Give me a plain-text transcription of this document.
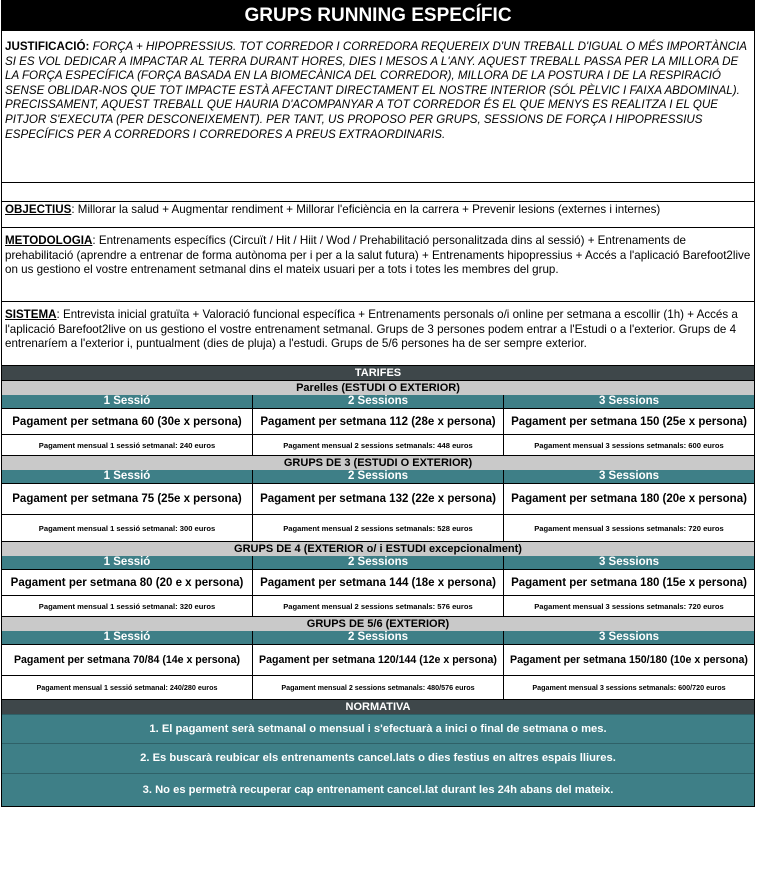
GRUPS RUNNING ESPECÍFIC
JUSTIFICACIÓ: FORÇA + HIPOPRESSIUS. TOT CORREDOR I CORREDORA REQUEREIX D'UN TREBALL D'IGUAL O MÉS IMPORTÀNCIA SI ES VOL DEDICAR A IMPACTAR AL TERRA DURANT HORES, DIES I MESOS A L'ANY. AQUEST TREBALL PASSA PER LA MILLORA DE LA FORÇA ESPECÍFICA (FORÇA BASADA EN LA BIOMECÀNICA DEL CORREDOR), MILLORA DE LA POSTURA I DE LA RESPIRACIÓ SENSE OBLIDAR-NOS QUE TOT IMPACTE ESTÀ AFECTANT DIRECTAMENT EL NOSTRE INTERIOR (SÓL PÈLVIC I FAIXA ABDOMINAL). PRECISSAMENT, AQUEST TREBALL QUE HAURIA D'ACOMPANYAR A TOT CORREDOR ÉS EL QUE MENYS ES REALITZA I EL QUE PITJOR S'EXECUTA (PER DESCONEIXEMENT). PER TANT, US PROPOSO PER GRUPS, SESSIONS DE FORÇA I HIPOPRESSIUS ESPECÍFICS PER A CORREDORS I CORREDORES A PREUS EXTRAORDINARIS.
OBJECTIUS: Millorar la salud + Augmentar rendiment + Millorar l'eficiència en la carrera + Prevenir lesions (externes i internes)
METODOLOGIA: Entrenaments específics (Circuït / Hit / Hiit / Wod / Prehabilitació personalitzada dins al sessió) + Entrenaments de prehabilitació (aprendre a entrenar de forma autònoma per i per a la salut futura) + Entrenaments hipopressius + Accés a l'aplicació Barefoot2live on us gestiono el vostre entrenament setmanal dins el mateix usuari per a tots i totes les membres del grup.
SISTEMA: Entrevista inicial gratuïta + Valoració funcional específica + Entrenaments personals o/i online per setmana a escollir (1h) + Accés a l'aplicació Barefoot2live on us gestiono el vostre entrenament setmanal. Grups de 3 persones podem entrar a l'Estudi o a l'exterior. Grups de 4 entrenaríem a l'exterior i, puntualment (dies de pluja) a l'estudi. Grups de 5/6 persones ha de ser sempre exterior.
TARIFES
Parelles (ESTUDI O EXTERIOR)
1 Sessió	2 Sessions	3 Sessions
Pagament per setmana 60 (30e x persona)	Pagament per setmana 112 (28e x persona)	Pagament per setmana 150 (25e x persona)
Pagament mensual 1 sessió setmanal: 240 euros	Pagament mensual 2 sessions setmanals: 448 euros	Pagament mensual 3 sessions setmanals: 600 euros
GRUPS DE 3 (ESTUDI O EXTERIOR)
1 Sessió	2 Sessions	3 Sessions
Pagament per setmana 75 (25e x persona)	Pagament per setmana 132 (22e x persona)	Pagament per setmana 180 (20e x persona)
Pagament mensual 1 sessió setmanal: 300 euros	Pagament mensual 2 sessions setmanals: 528 euros	Pagament mensual 3 sessions setmanals: 720 euros
GRUPS DE 4 (EXTERIOR o/ i ESTUDI excepcionalment)
1 Sessió	2 Sessions	3 Sessions
Pagament per setmana 80 (20 e x persona)	Pagament per setmana 144 (18e x persona)	Pagament per setmana 180 (15e x persona)
Pagament mensual 1 sessió setmanal: 320 euros	Pagament mensual 2 sessions setmanals: 576 euros	Pagament mensual 3 sessions setmanals: 720 euros
GRUPS DE 5/6 (EXTERIOR)
1 Sessió	2 Sessions	3 Sessions
Pagament per setmana 70/84 (14e x persona)	Pagament per setmana 120/144 (12e x persona)	Pagament per setmana 150/180 (10e x persona)
Pagament mensual 1 sessió setmanal: 240/280 euros	Pagament mensual 2 sessions setmanals: 480/576 euros	Pagament mensual 3 sessions setmanals: 600/720 euros
NORMATIVA
1. El pagament serà setmanal o mensual i s'efectuarà a inici o final de setmana o mes.
2. Es buscarà reubicar els entrenaments cancel.lats o dies festius en altres espais lliures.
3. No es permetrà recuperar cap entrenament cancel.lat durant les 24h abans del mateix.
